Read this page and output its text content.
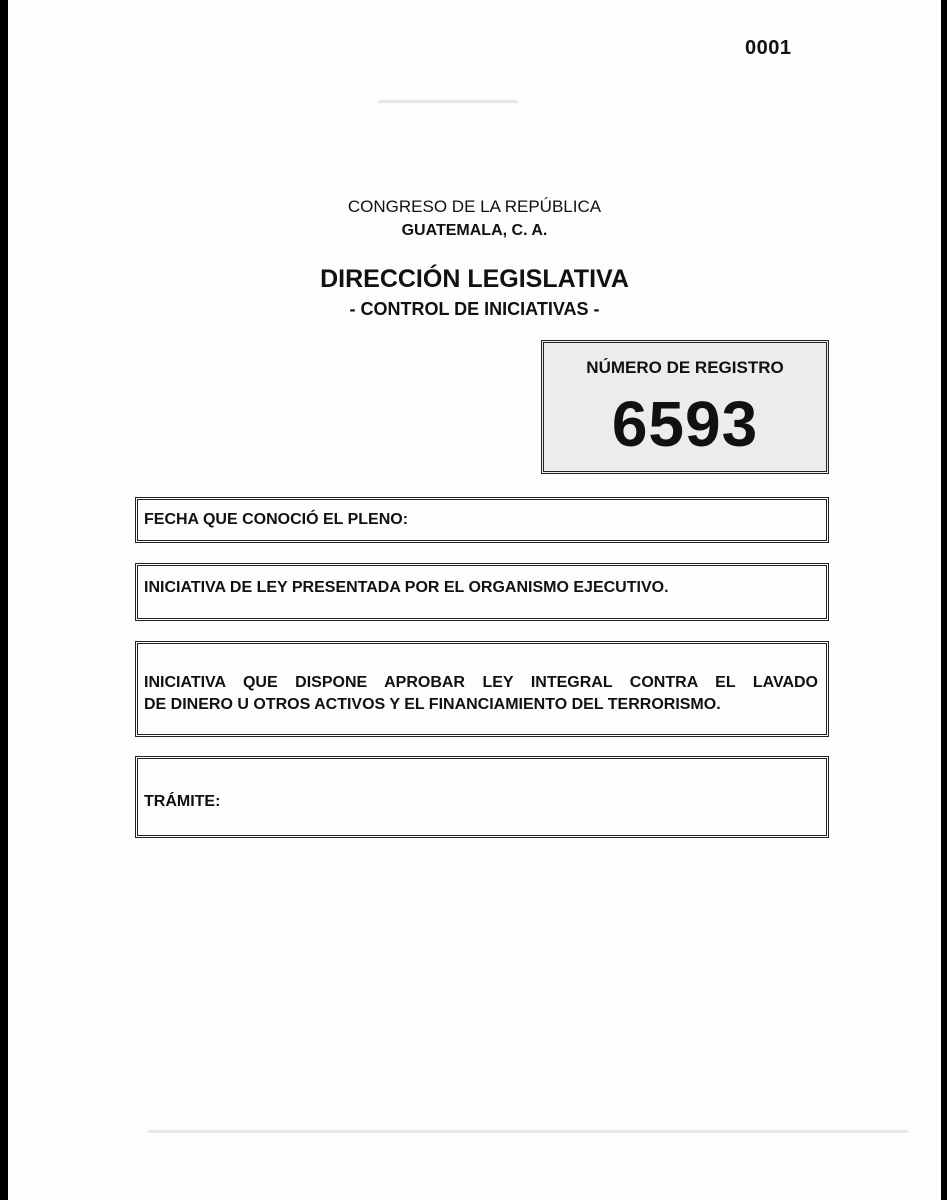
0001
CONGRESO DE LA REPÚBLICA
GUATEMALA, C. A.
DIRECCIÓN LEGISLATIVA
- CONTROL DE INICIATIVAS -
NÚMERO DE REGISTRO
6593
FECHA QUE CONOCIÓ EL PLENO:
INICIATIVA DE LEY PRESENTADA POR EL ORGANISMO EJECUTIVO.
INICIATIVA QUE DISPONE APROBAR LEY INTEGRAL CONTRA EL LAVADO
DE DINERO U OTROS ACTIVOS Y EL FINANCIAMIENTO DEL TERRORISMO.
TRÁMITE:
